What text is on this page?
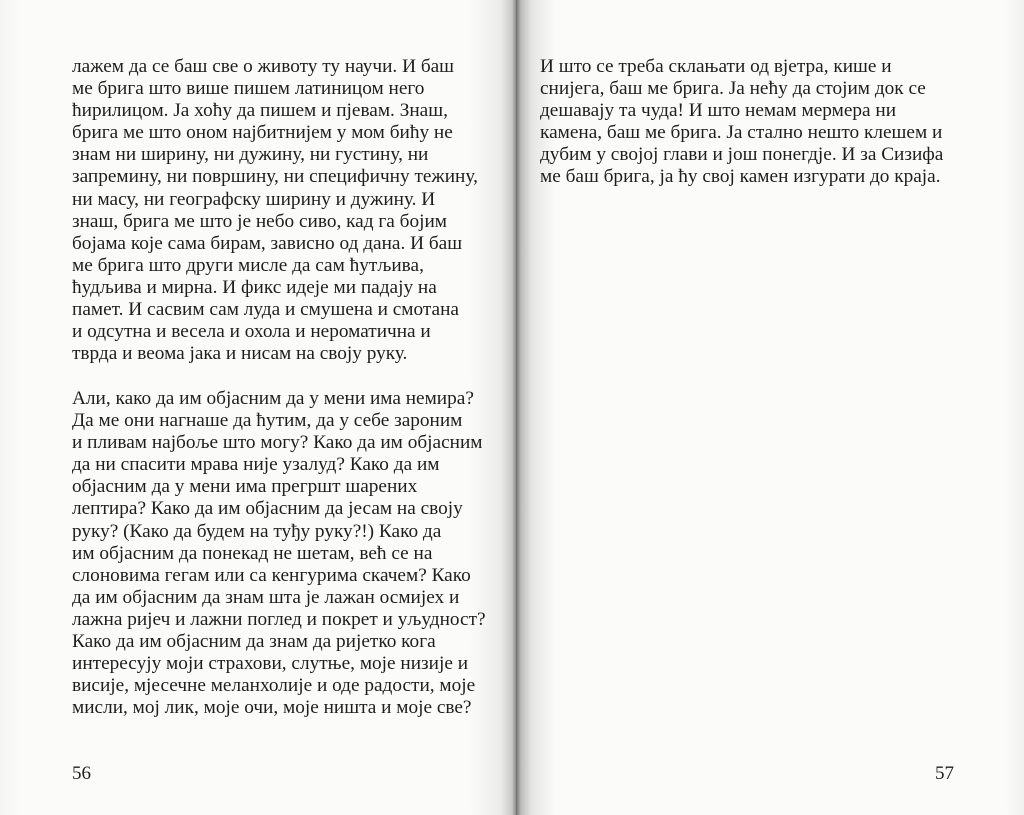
лажем да се баш све о животу ту научи. И баш
ме брига што више пишем латиницом него
ћирилицом. Ја хоћу да пишем и пјевам. Знаш,
брига ме што оном најбитнијем у мом бићу не
знам ни ширину, ни дужину, ни густину, ни
запремину, ни површину, ни специфичну тежину,
ни масу, ни географску ширину и дужину. И
знаш, брига ме што је небо сиво, кад га бојим
бојама које сама бирам, зависно од дана. И баш
ме брига што други мисле да сам ћутљива,
ћудљива и мирна. И фикс идеје ми падају на
памет. И сасвим сам луда и смушена и смотана
и одсутна и весела и охола и нероматична и
тврда и веома јака и нисам на своју руку.
Али, како да им објасним да у мени има немира?
Да ме они нагнаше да ћутим, да у себе зароним
и пливам најбоље што могу? Како да им објасним
да ни спасити мрава није узалуд? Како да им
објасним да у мени има прегршт шарених
лептира? Како да им објасним да јесам на своју
руку? (Како да будем на туђу руку?!) Како да
им објасним да понекад не шетам, већ се на
слоновима гегам или са кенгурима скачем? Како
да им објасним да знам шта је лажан осмијех и
лажна ријеч и лажни поглед и покрет и уљудност?
Како да им објасним да знам да ријетко кога
интересују моји страхови, слутње, моје низије и
висије, мјесечне меланхолије и оде радости, моје
мисли, мој лик, моје очи, моје ништа и моје све?
56
И што се треба склањати од вјетра, кише и
снијега, баш ме брига. Ја нећу да стојим док се
дешавају та чуда! И што немам мермера ни
камена, баш ме брига. Ја стално нешто клешем и
дубим у својој глави и још понегдје. И за Сизифа
ме баш брига, ја ћу свој камен изгурати до краја.
57
